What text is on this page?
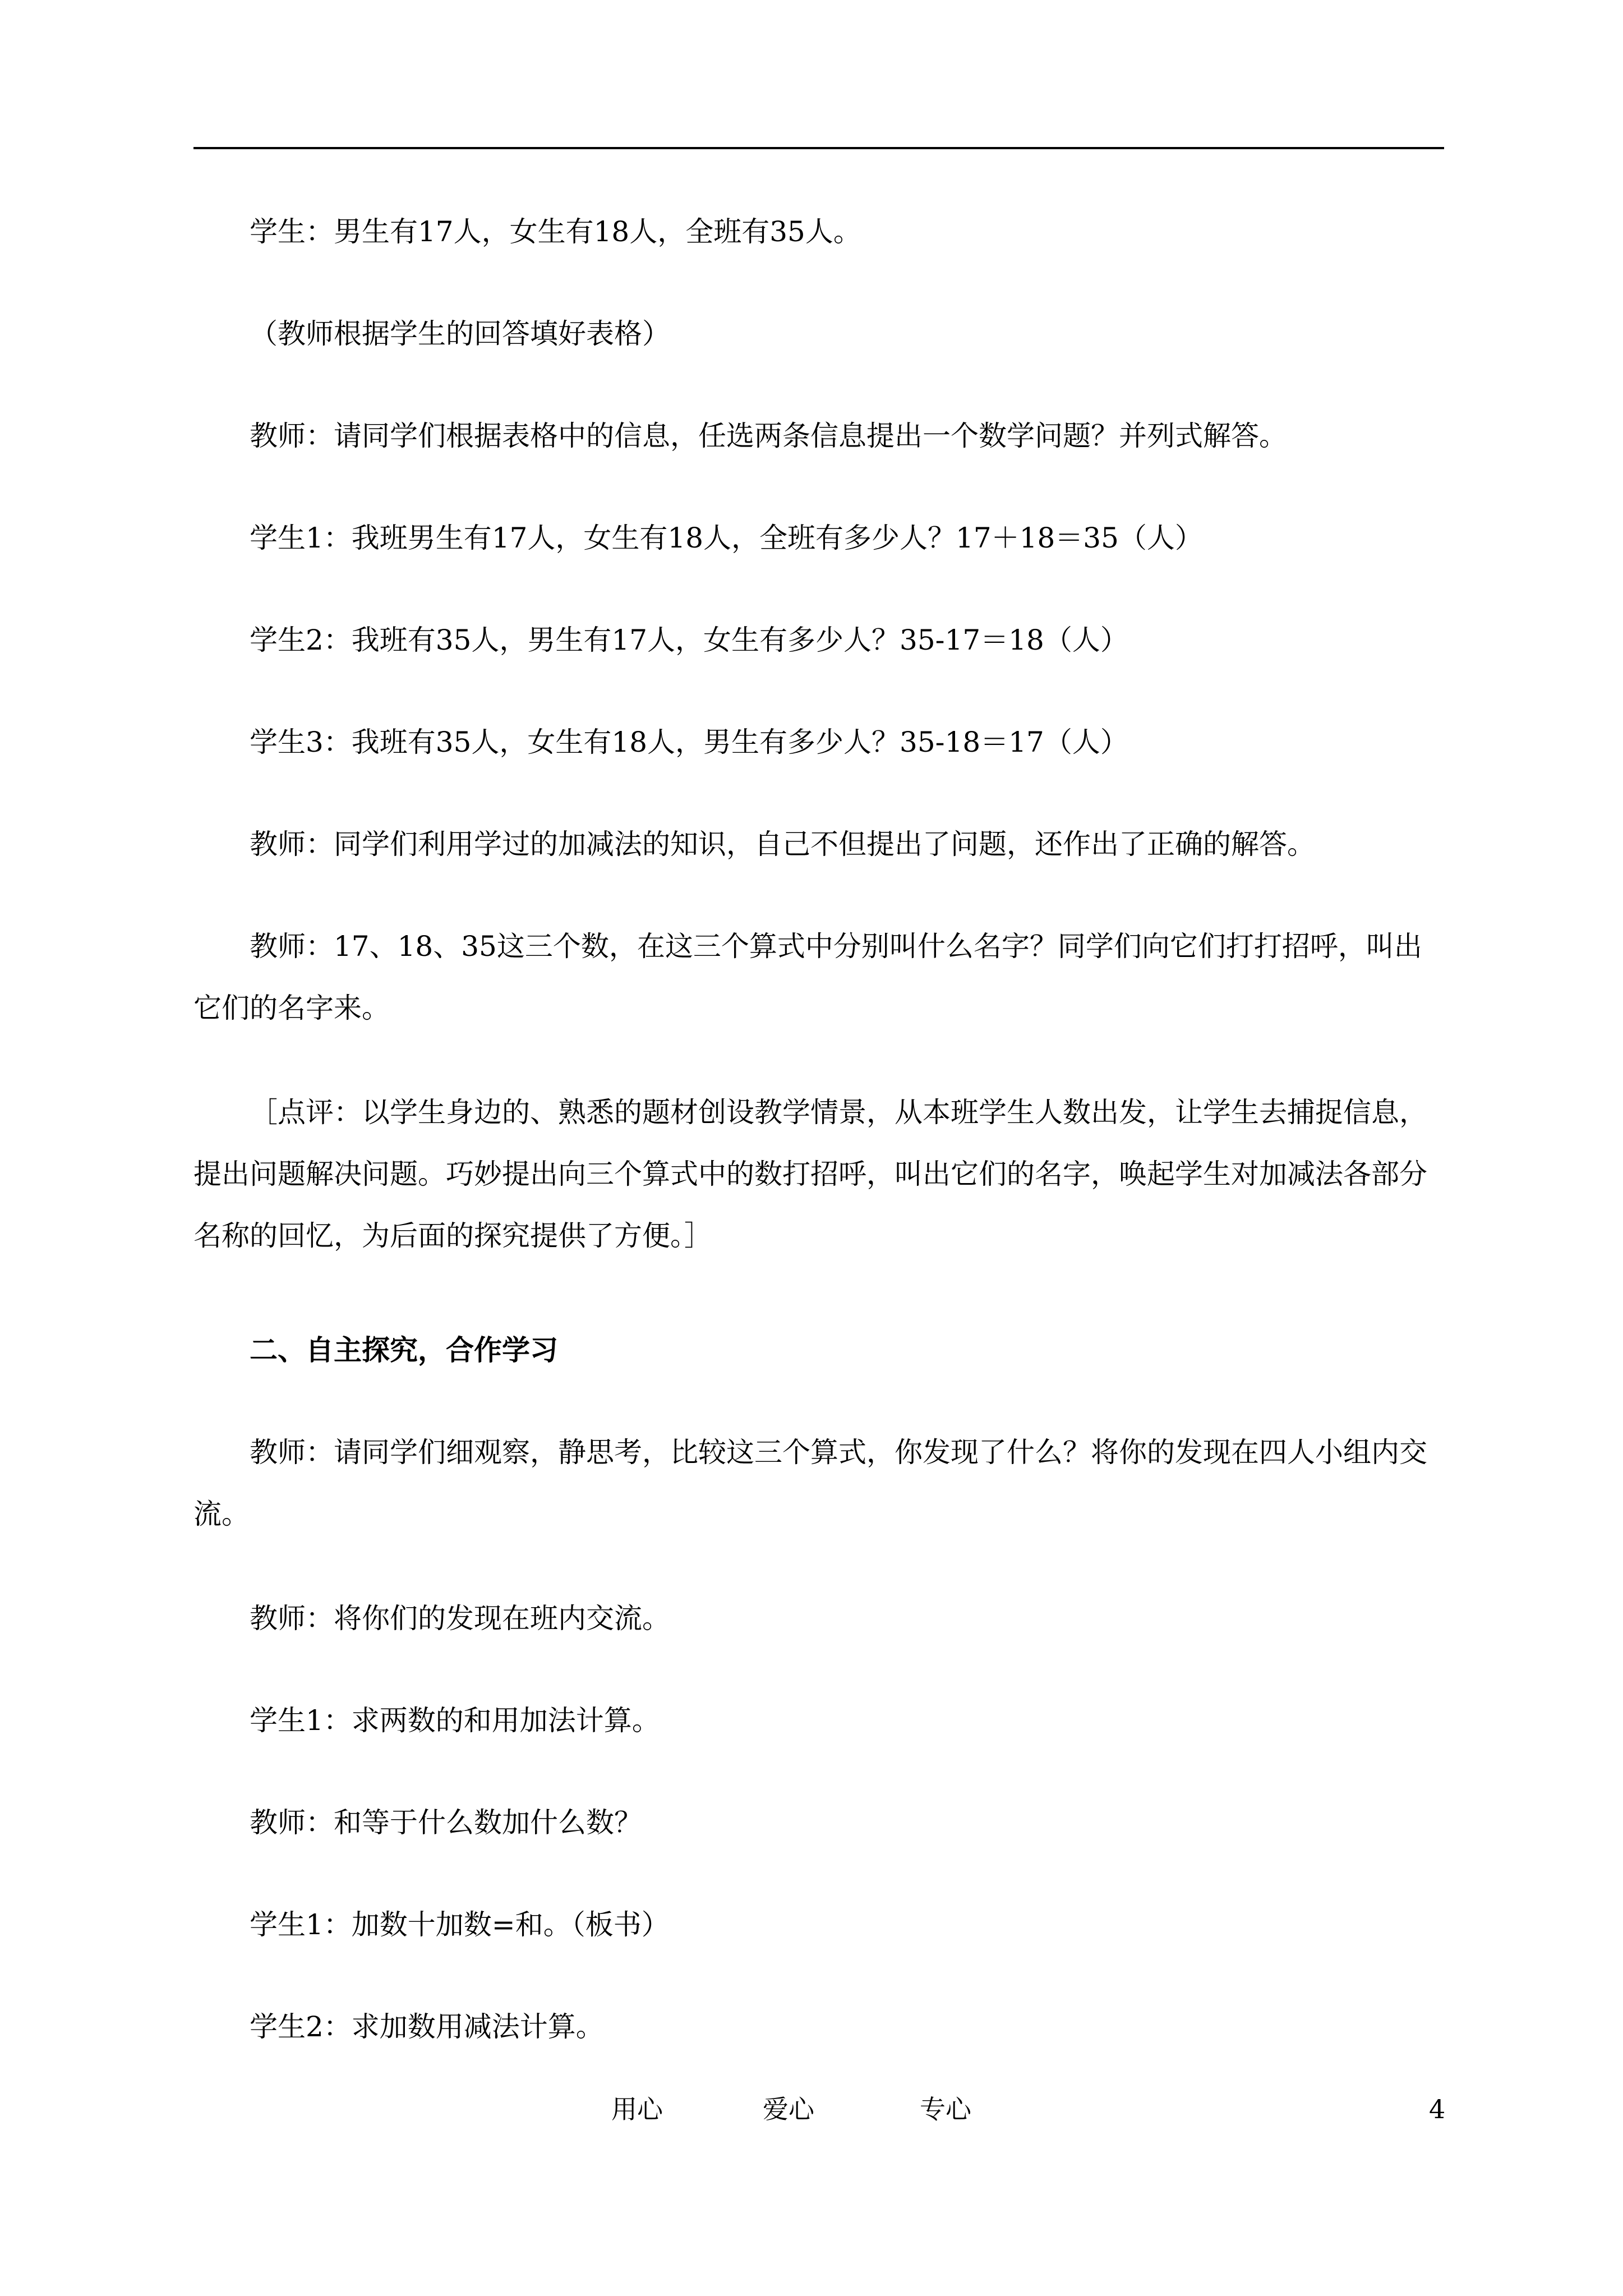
学生：男生有17人，女生有18人，全班有35人。
（教师根据学生的回答填好表格）
教师：请同学们根据表格中的信息，任选两条信息提出一个数学问题？并列式解答。
学生1：我班男生有17人，女生有18人，全班有多少人？17＋18＝35（人）
学生2：我班有35人，男生有17人，女生有多少人？35-17＝18（人）
学生3：我班有35人，女生有18人，男生有多少人？35-18＝17（人）
教师：同学们利用学过的加减法的知识，自己不但提出了问题，还作出了正确的解答。
教师：17、18、35这三个数，在这三个算式中分别叫什么名字？同学们向它们打打招呼，叫出它们的名字来。
［点评：以学生身边的、熟悉的题材创设教学情景，从本班学生人数出发，让学生去捕捉信息，提出问题解决问题。巧妙提出向三个算式中的数打招呼，叫出它们的名字，唤起学生对加减法各部分名称的回忆，为后面的探究提供了方便。］
二、自主探究，合作学习
教师：请同学们细观察，静思考，比较这三个算式，你发现了什么？将你的发现在四人小组内交流。
教师：将你们的发现在班内交流。
学生1：求两数的和用加法计算。
教师：和等于什么数加什么数？
学生1：加数十加数=和。（板书）
学生2：求加数用减法计算。
用心	爱心	专心	4
